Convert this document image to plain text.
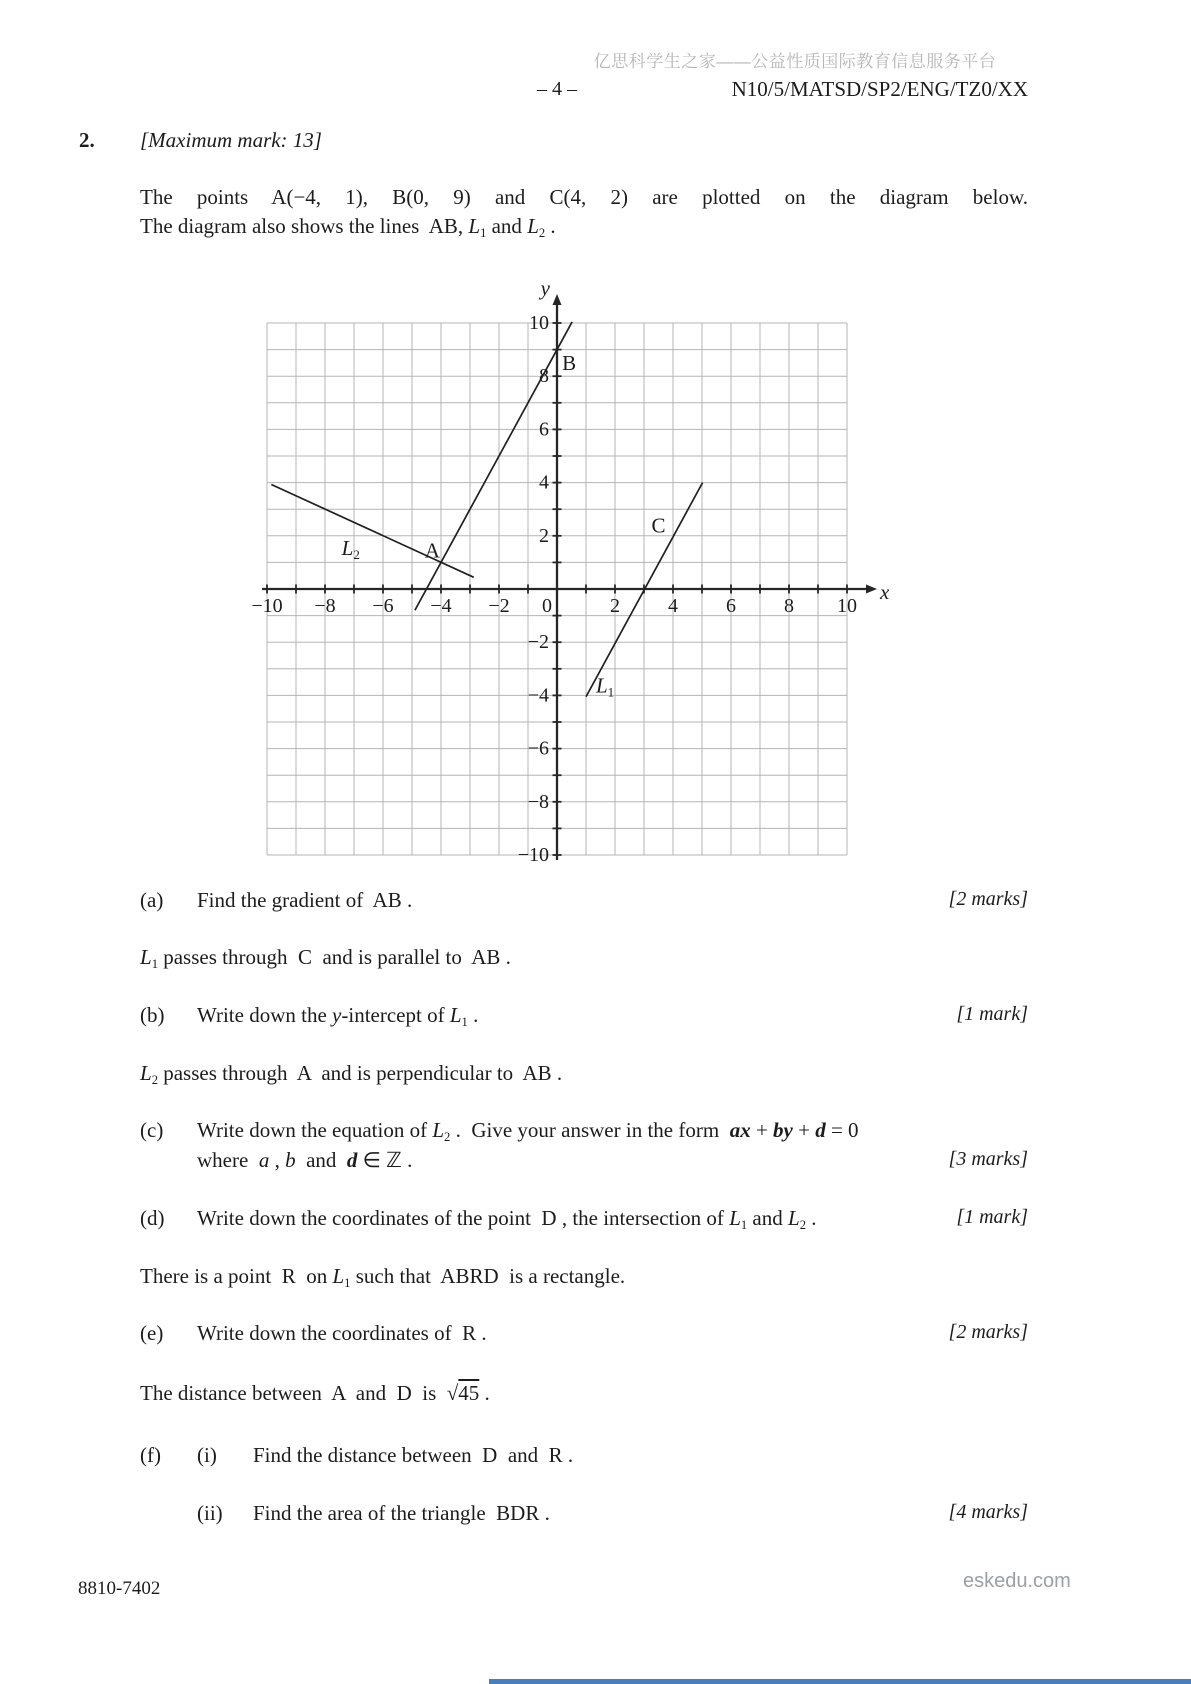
亿思科学生之家——公益性质国际教育信息服务平台
– 4 –	N10/5/MATSD/SP2/ENG/TZ0/XX
2. [Maximum mark: 13]
The points A(−4, 1), B(0, 9) and C(4, 2) are plotted on the diagram below.
The diagram also shows the lines  AB, L1 and L2 .
−10 −8 −6 −4 −2	2 4 6 8 10
−10
−8
−6
−4
−2
2
4
6
8
10
0
x
y
A
B
C
$L_2$
$L_1$
(a) Find the gradient of  AB .	[2 marks]
L1 passes through  C  and is parallel to  AB .
(b) Write down the y-intercept of L1 .	[1 mark]
L2 passes through  A  and is perpendicular to  AB .
(c) Write down the equation of L2 .  Give your answer in the form  ax + by + d = 0
where  a , b  and  d ∈ ℤ .	[3 marks]
(d) Write down the coordinates of the point  D , the intersection of L1 and L2 .	[1 mark]
There is a point  R  on L1 such that  ABRD  is a rectangle.
(e) Write down the coordinates of  R .	[2 marks]
The distance between  A  and  D  is  √45 .
(f) (i) Find the distance between  D  and  R .
(ii) Find the area of the triangle  BDR .	[4 marks]
8810-7402	eskedu.com
